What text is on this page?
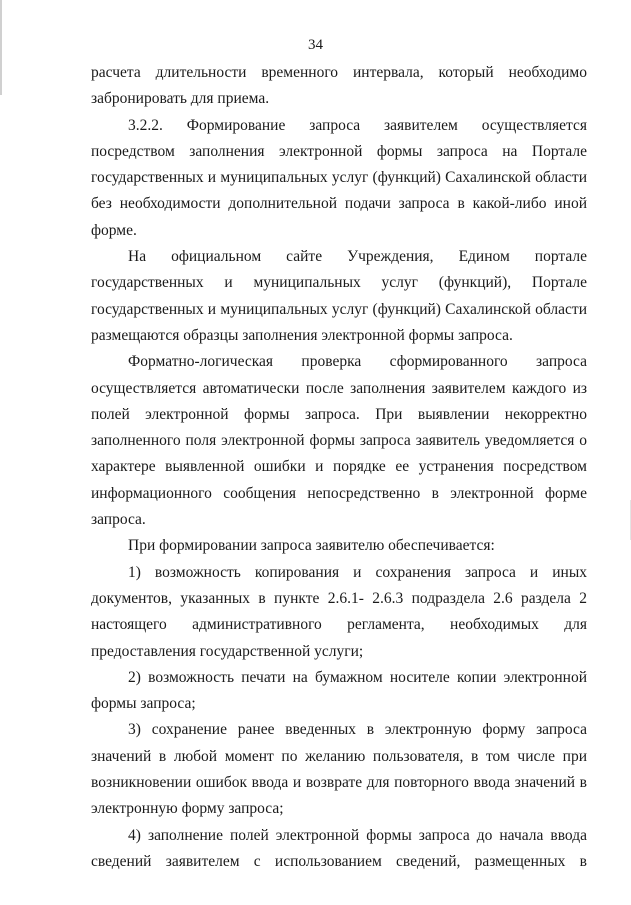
34

расчета длительности временного интервала, который необходимо забронировать для приема.

3.2.2. Формирование запроса заявителем осуществляется посредством заполнения электронной формы запроса на Портале государственных и муниципальных услуг (функций) Сахалинской области без необходимости дополнительной подачи запроса в какой-либо иной форме.

На официальном сайте Учреждения, Едином портале государственных и муниципальных услуг (функций), Портале государственных и муниципальных услуг (функций) Сахалинской области размещаются образцы заполнения электронной формы запроса.

Форматно-логическая проверка сформированного запроса осуществляется автоматически после заполнения заявителем каждого из полей электронной формы запроса. При выявлении некорректно заполненного поля электронной формы запроса заявитель уведомляется о характере выявленной ошибки и порядке ее устранения посредством информационного сообщения непосредственно в электронной форме запроса.

При формировании запроса заявителю обеспечивается:

1) возможность копирования и сохранения запроса и иных документов, указанных в пункте 2.6.1- 2.6.3 подраздела 2.6 раздела 2 настоящего административного регламента, необходимых для предоставления государственной услуги;

2) возможность печати на бумажном носителе копии электронной формы запроса;

3) сохранение ранее введенных в электронную форму запроса значений в любой момент по желанию пользователя, в том числе при возникновении ошибок ввода и возврате для повторного ввода значений в электронную форму запроса;

4) заполнение полей электронной формы запроса до начала ввода сведений заявителем с использованием сведений, размещенных в
